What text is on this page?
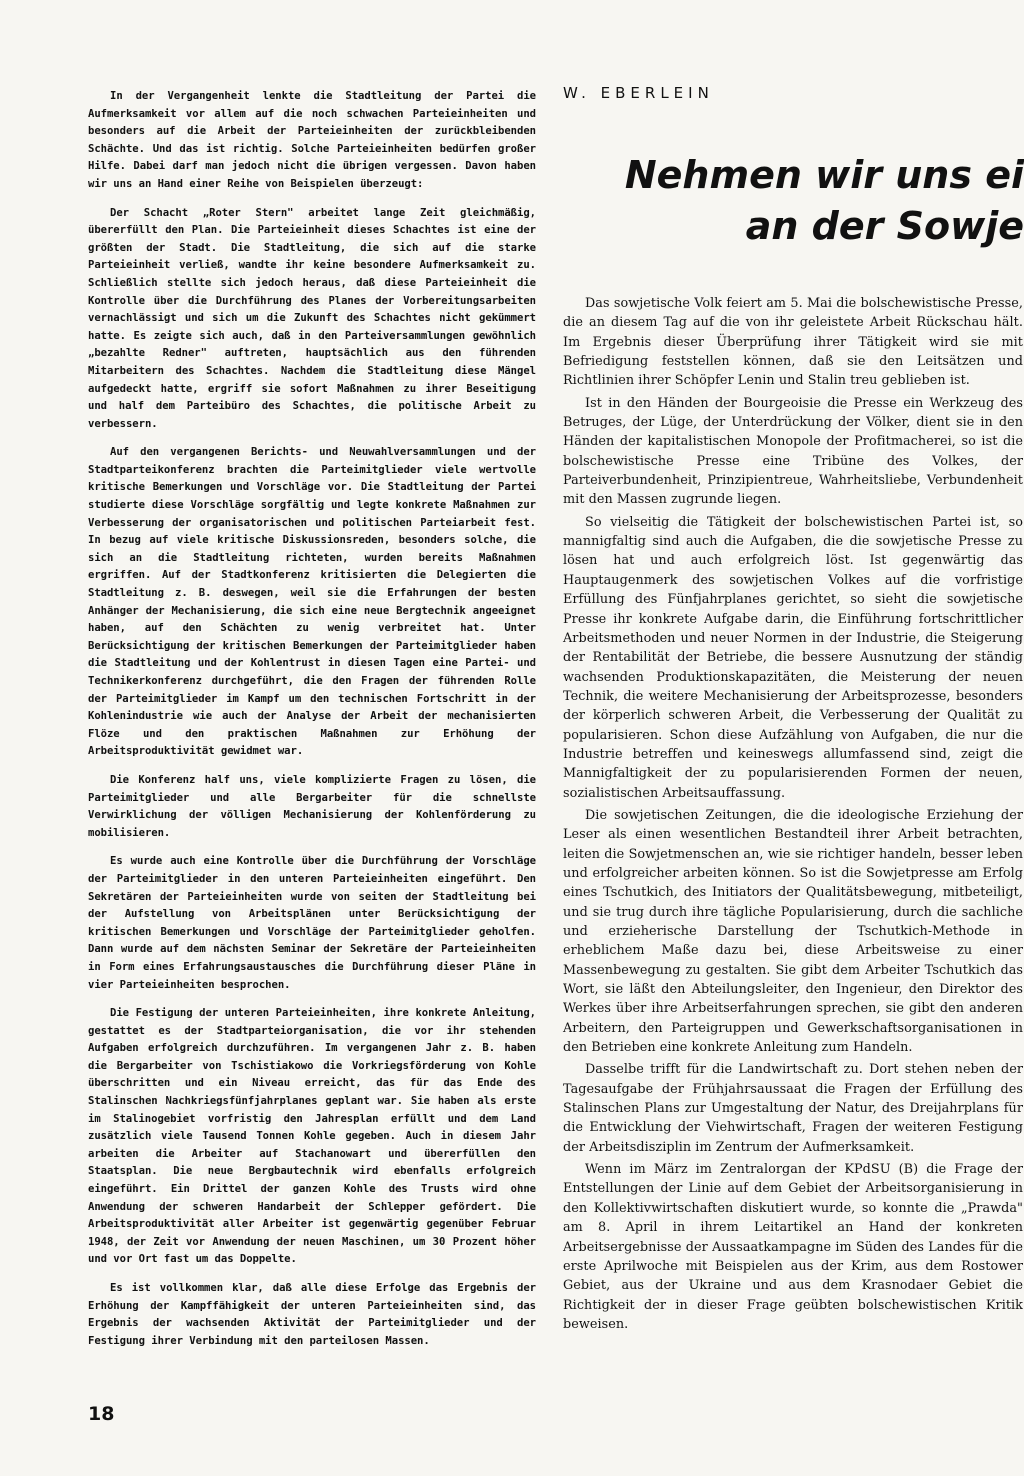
In der Vergangenheit lenkte die Stadtleitung der Partei die Aufmerksamkeit vor allem auf die noch schwachen Parteieinheiten und besonders auf die Arbeit der Parteieinheiten der zurückbleibenden Schächte. Und das ist richtig. Solche Parteieinheiten bedürfen großer Hilfe. Dabei darf man jedoch nicht die übrigen vergessen. Davon haben wir uns an Hand einer Reihe von Beispielen überzeugt:

Der Schacht „Roter Stern" arbeitet lange Zeit gleichmäßig, übererfüllt den Plan. Die Parteieinheit dieses Schachtes ist eine der größten der Stadt. Die Stadtleitung, die sich auf die starke Parteieinheit verließ, wandte ihr keine besondere Aufmerksamkeit zu. Schließlich stellte sich jedoch heraus, daß diese Parteieinheit die Kontrolle über die Durchführung des Planes der Vorbereitungsarbeiten vernachlässigt und sich um die Zukunft des Schachtes nicht gekümmert hatte. Es zeigte sich auch, daß in den Parteiversammlungen gewöhnlich „bezahlte Redner" auftreten, hauptsächlich aus den führenden Mitarbeitern des Schachtes. Nachdem die Stadtleitung diese Mängel aufgedeckt hatte, ergriff sie sofort Maßnahmen zu ihrer Beseitigung und half dem Parteibüro des Schachtes, die politische Arbeit zu verbessern.

Auf den vergangenen Berichts- und Neuwahlversammlungen und der Stadtparteikonferenz brachten die Parteimitglieder viele wertvolle kritische Bemerkungen und Vorschläge vor. Die Stadtleitung der Partei studierte diese Vorschläge sorgfältig und legte konkrete Maßnahmen zur Verbesserung der organisatorischen und politischen Parteiarbeit fest. In bezug auf viele kritische Diskussionsreden, besonders solche, die sich an die Stadtleitung richteten, wurden bereits Maßnahmen ergriffen. Auf der Stadtkonferenz kritisierten die Delegierten die Stadtleitung z. B. deswegen, weil sie die Erfahrungen der besten Anhänger der Mechanisierung, die sich eine neue Bergtechnik angeeignet haben, auf den Schächten zu wenig verbreitet hat. Unter Berücksichtigung der kritischen Bemerkungen der Parteimitglieder haben die Stadtleitung und der Kohlentrust in diesen Tagen eine Partei- und Technikerkonferenz durchgeführt, die den Fragen der führenden Rolle der Parteimitglieder im Kampf um den technischen Fortschritt in der Kohlenindustrie wie auch der Analyse der Arbeit der mechanisierten Flöze und den praktischen Maßnahmen zur Erhöhung der Arbeitsproduktivität gewidmet war.

Die Konferenz half uns, viele komplizierte Fragen zu lösen, die Parteimitglieder und alle Bergarbeiter für die schnellste Verwirklichung der völligen Mechanisierung der Kohlenförderung zu mobilisieren.

Es wurde auch eine Kontrolle über die Durchführung der Vorschläge der Parteimitglieder in den unteren Parteieinheiten eingeführt. Den Sekretären der Parteieinheiten wurde von seiten der Stadtleitung bei der Aufstellung von Arbeitsplänen unter Berücksichtigung der kritischen Bemerkungen und Vorschläge der Parteimitglieder geholfen. Dann wurde auf dem nächsten Seminar der Sekretäre der Parteieinheiten in Form eines Erfahrungsaustausches die Durchführung dieser Pläne in vier Parteieinheiten besprochen.

Die Festigung der unteren Parteieinheiten, ihre konkrete Anleitung, gestattet es der Stadtparteiorganisation, die vor ihr stehenden Aufgaben erfolgreich durchzuführen. Im vergangenen Jahr z. B. haben die Bergarbeiter von Tschistiakowo die Vorkriegsförderung von Kohle überschritten und ein Niveau erreicht, das für das Ende des Stalinschen Nachkriegsfünfjahrplanes geplant war. Sie haben als erste im Stalinogebiet vorfristig den Jahresplan erfüllt und dem Land zusätzlich viele Tausend Tonnen Kohle gegeben. Auch in diesem Jahr arbeiten die Arbeiter auf Stachanowart und übererfüllen den Staatsplan. Die neue Bergbautechnik wird ebenfalls erfolgreich eingeführt. Ein Drittel der ganzen Kohle des Trusts wird ohne Anwendung der schweren Handarbeit der Schlepper gefördert. Die Arbeitsproduktivität aller Arbeiter ist gegenwärtig gegenüber Februar 1948, der Zeit vor Anwendung der neuen Maschinen, um 30 Prozent höher und vor Ort fast um das Doppelte.

Es ist vollkommen klar, daß alle diese Erfolge das Ergebnis der Erhöhung der Kampffähigkeit der unteren Parteieinheiten sind, das Ergebnis der wachsenden Aktivität der Parteimitglieder und der Festigung ihrer Verbindung mit den parteilosen Massen.

W. EBERLEIN
Nehmen wir uns ei
an der Sowje

Das sowjetische Volk feiert am 5. Mai die bolschewistische Presse, die an diesem Tag auf die von ihr geleistete Arbeit Rückschau hält. Im Ergebnis dieser Überprüfung ihrer Tätigkeit wird sie mit Befriedigung feststellen können, daß sie den Leitsätzen und Richtlinien ihrer Schöpfer Lenin und Stalin treu geblieben ist.

Ist in den Händen der Bourgeoisie die Presse ein Werkzeug des Betruges, der Lüge, der Unterdrückung der Völker, dient sie in den Händen der kapitalistischen Monopole der Profitmacherei, so ist die bolschewistische Presse eine Tribüne des Volkes, der Parteiverbundenheit, Prinzipientreue, Wahrheitsliebe, Verbundenheit mit den Massen zugrunde liegen.

So vielseitig die Tätigkeit der bolschewistischen Partei ist, so mannigfaltig sind auch die Aufgaben, die die sowjetische Presse zu lösen hat und auch erfolgreich löst. Ist gegenwärtig das Hauptaugenmerk des sowjetischen Volkes auf die vorfristige Erfüllung des Fünfjahrplanes gerichtet, so sieht die sowjetische Presse ihr konkrete Aufgabe darin, die Einführung fortschrittlicher Arbeitsmethoden und neuer Normen in der Industrie, die Steigerung der Rentabilität der Betriebe, die bessere Ausnutzung der ständig wachsenden Produktionskapazitäten, die Meisterung der neuen Technik, die weitere Mechanisierung der Arbeitsprozesse, besonders der körperlich schweren Arbeit, die Verbesserung der Qualität zu popularisieren. Schon diese Aufzählung von Aufgaben, die nur die Industrie betreffen und keineswegs allumfassend sind, zeigt die Mannigfaltigkeit der zu popularisierenden Formen der neuen, sozialistischen Arbeitsauffassung.

Die sowjetischen Zeitungen, die die ideologische Erziehung der Leser als einen wesentlichen Bestandteil ihrer Arbeit betrachten, leiten die Sowjetmenschen an, wie sie richtiger handeln, besser leben und erfolgreicher arbeiten können. So ist die Sowjetpresse am Erfolg eines Tschutkich, des Initiators der Qualitätsbewegung, mitbeteiligt, und sie trug durch ihre tägliche Popularisierung, durch die sachliche und erzieherische Darstellung der Tschutkich-Methode in erheblichem Maße dazu bei, diese Arbeitsweise zu einer Massenbewegung zu gestalten. Sie gibt dem Arbeiter Tschutkich das Wort, sie läßt den Abteilungsleiter, den Ingenieur, den Direktor des Werkes über ihre Arbeitserfahrungen sprechen, sie gibt den anderen Arbeitern, den Parteigruppen und Gewerkschaftsorganisationen in den Betrieben eine konkrete Anleitung zum Handeln.

Dasselbe trifft für die Landwirtschaft zu. Dort stehen neben der Tagesaufgabe der Frühjahrsaussaat die Fragen der Erfüllung des Stalinschen Plans zur Umgestaltung der Natur, des Dreijahrplans für die Entwicklung der Viehwirtschaft, Fragen der weiteren Festigung der Arbeitsdisziplin im Zentrum der Aufmerksamkeit.

Wenn im März im Zentralorgan der KPdSU (B) die Frage der Entstellungen der Linie auf dem Gebiet der Arbeitsorganisierung in den Kollektivwirtschaften diskutiert wurde, so konnte die „Prawda" am 8. April in ihrem Leitartikel an Hand der konkreten Arbeitsergebnisse der Aussaatkampagne im Süden des Landes für die erste Aprilwoche mit Beispielen aus der Krim, aus dem Rostower Gebiet, aus der Ukraine und aus dem Krasnodaer Gebiet die Richtigkeit der in dieser Frage geübten bolschewistischen Kritik beweisen.

18
